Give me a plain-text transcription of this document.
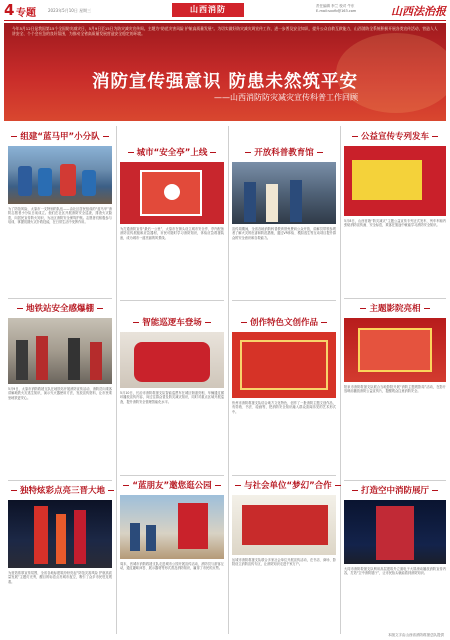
4 专题	2023年5月10日 星期三	山西消防	责任编辑 李兰 校对 牛东
E-mail:sxxfb@163.com	山西法治报
今年5月12日是我国第15个全国防灾减灾日，5月9日至15日为防灾减灾宣传周。主题为“防范灾害风险 护航高质量发展”。为切实做好防灾减灾周宣传工作，进一步普及安全知识，提升公众自救互救能力，山西消防全系统积极开展各类宣传活动，营造人人讲安全、个个会应急的良好氛围，为推动全省高质量发展营造安全稳定的环境。
消防宣传强意识 防患未然筑平安
——山西消防防灾减灾宣传科普工作回顾
组建“蓝马甲”小分队
为了防范风险，太原市一支特别的队伍——由社区居民组成的“蓝马甲”消防志愿者小分队日前成立。他们在社区开展消防安全巡查，排查火灾隐患，向居民宣传防火知识，为社区消防安全保驾护航。志愿者们积极参与培训，掌握初期火灾扑救技能，在日常生活中发挥作用。
地铁站安全感爆棚
5月9日，太原市消防救援支队在地铁站开展消防宣传活动，消防员向乘客讲解地铁火灾逃生知识，演示灭火器使用方法，发放宣传资料，让市民乘坐地铁更安心。
独特炫彩点亮三晋大地
为营造浓厚宣传氛围，全省各地标建筑纷纷亮起“防范灾害风险 护航高质量发展”主题灯光秀，醒目的标语点亮城市夜空，吸引了众多市民驻足观看。
城市“安全亭”上线
为打通消防宣传“最后一公里”，太原市在街头设立城市安全亭，亭内配备消防宣传展板和应急器材，市民可随时学习消防知识，体验应急救援装备，成为城市一道亮丽的风景线。
智能巡逻车登场
5月10日，长治市消防救援支队智能巡逻车在城区街道亮相，车辆通过循环播放宣传内容，向过往群众普及防灾减灾知识，同时对重点区域开展巡查，提升消防安全管理智能化水平。
“蓝朋友”邀您逛公园
周末，晋城市消防救援支队走进城市公园开展宣传活动，消防员与游客互动，通过趣味问答、展示器材等形式普及消防知识，赢得了市民的点赞。
开放科普教育馆
宣传周期间，全省各地消防科普教育馆免费向公众开放，讲解员带领参观者了解火灾的危害和防范措施，通过VR体验、模拟逃生等互动项目提升群众的安全意识和自救能力。
创作特色文创作品
忻州市消防救援支队结合地方文化特色，创作了一批消防主题文创作品，有剪纸、书法、绘画等，把消防安全知识融入群众喜闻乐见的艺术形式中。
与社会单位“梦幻”合作
运城市消防救援支队联合多家社会单位开展宣传活动，在书店、商场、影院设立消防宣传专区，让消防知识走进千家万户。
公益宣传专列发车
5月8日，山西首趟“防灾减灾”主题公益宣传专列正式发车，列车车厢内张贴消防宣传画、安全标语，乘客在旅途中就能学习消防安全知识。
主题影院亮相
阳泉市消防救援支队联合当地影院开展“消防主题观影周”活动，在影片放映前播放消防公益宣传片，提醒观众注意消防安全。
打造空中消防展厅
大同市消防救援支队利用高层建筑外立面电子大屏滚动播放消防宣传内容，打造“空中消防展厅”，让市民抬头就能看到消防知识。
本版文字由山西省消防救援总队提供
